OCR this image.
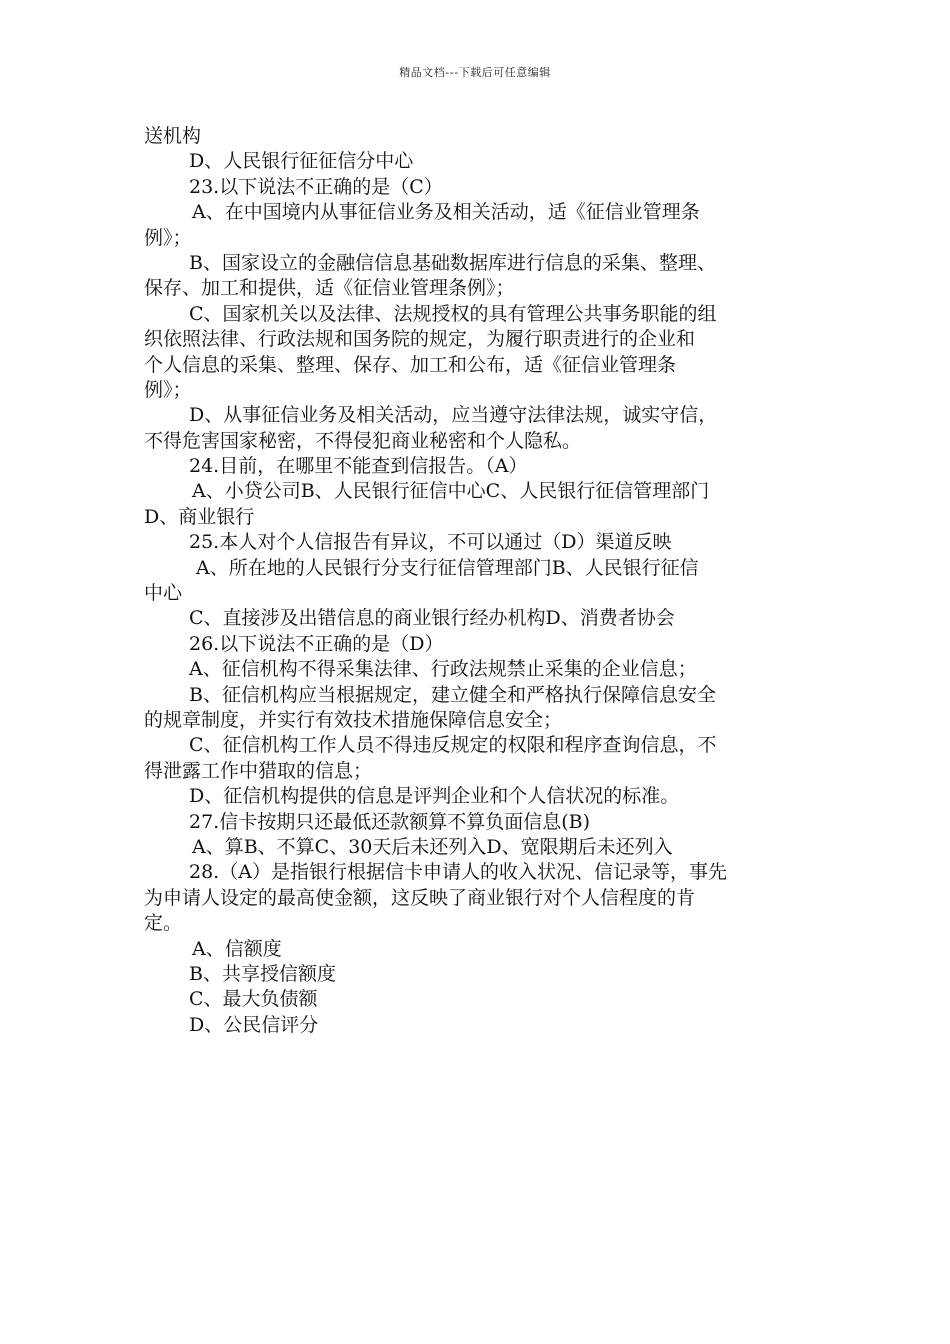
精品文档---下载后可任意编辑
送机构
D、人民银行征征信分中心
23.以下说法不正确的是（C）
A、在中国境内从事征信业务及相关活动，适《征信业管理条
例》；
B、国家设立的金融信信息基础数据库进行信息的采集、整理、
保存、加工和提供，适《征信业管理条例》；
C、国家机关以及法律、法规授权的具有管理公共事务职能的组
织依照法律、行政法规和国务院的规定，为履行职责进行的企业和
个人信息的采集、整理、保存、加工和公布，适《征信业管理条
例》；
D、从事征信业务及相关活动，应当遵守法律法规，诚实守信，
不得危害国家秘密，不得侵犯商业秘密和个人隐私。
24.目前，在哪里不能查到信报告。（A）
A、小贷公司B、人民银行征信中心C、人民银行征信管理部门
D、商业银行
25.本人对个人信报告有异议，不可以通过（D）渠道反映
A、所在地的人民银行分支行征信管理部门B、人民银行征信
中心
C、直接涉及出错信息的商业银行经办机构D、消费者协会
26.以下说法不正确的是（D）
A、征信机构不得采集法律、行政法规禁止采集的企业信息；
B、征信机构应当根据规定，建立健全和严格执行保障信息安全
的规章制度，并实行有效技术措施保障信息安全；
C、征信机构工作人员不得违反规定的权限和程序查询信息，不
得泄露工作中猎取的信息；
D、征信机构提供的信息是评判企业和个人信状况的标准。
27.信卡按期只还最低还款额算不算负面信息(B)
A、算B、不算C、30天后未还列入D、宽限期后未还列入
28.（A）是指银行根据信卡申请人的收入状况、信记录等，事先
为申请人设定的最高使金额，这反映了商业银行对个人信程度的肯
定。
A、信额度
B、共享授信额度
C、最大负债额
D、公民信评分
